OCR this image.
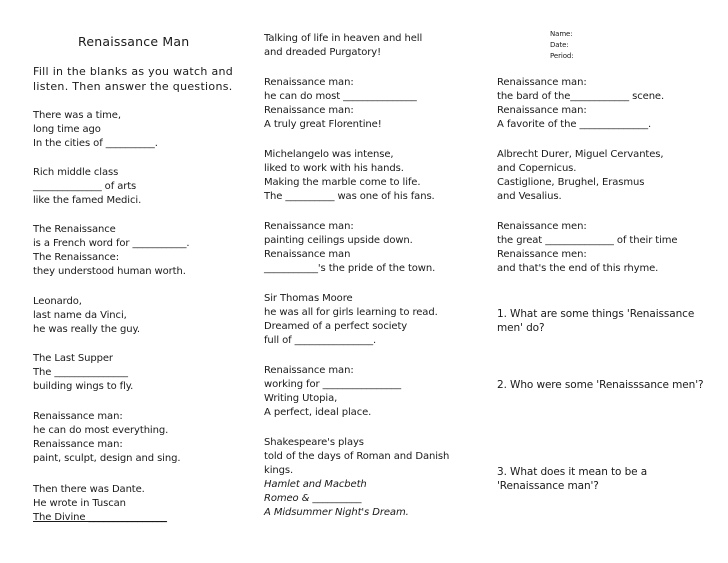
Renaissance Man
Fill in the blanks as you watch and
listen. Then answer the questions.
There was a time,
long time ago
In the cities of __________.
Rich middle class
______________ of arts
like the famed Medici.
The Renaissance
is a French word for ___________.
The Renaissance:
they understood human worth.
Leonardo,
last name da Vinci,
he was really the guy.
The Last Supper
The _______________
building wings to fly.
Renaissance man:
he can do most everything.
Renaissance man:
paint, sculpt, design and sing.
Then there was Dante.
He wrote in Tuscan
The Divine ________________
Talking of life in heaven and hell
and dreaded Purgatory!
Renaissance man:
he can do most _______________
Renaissance man:
A truly great Florentine!
Michelangelo was intense,
liked to work with his hands.
Making the marble come to life.
The __________ was one of his fans.
Renaissance man:
painting ceilings upside down.
Renaissance man
___________'s the pride of the town.
Sir Thomas Moore
he was all for girls learning to read.
Dreamed of a perfect society
full of ________________.
Renaissance man:
working for ________________
Writing Utopia,
A perfect, ideal place.
Shakespeare's plays
told of the days of Roman and Danish
kings.
Hamlet and Macbeth
Romeo & __________
A Midsummer Night's Dream.
Name:
Date:
Period:
Renaissance man:
the bard of the____________ scene.
Renaissance man:
A favorite of the ______________.
Albrecht Durer, Miguel Cervantes,
and Copernicus.
Castiglione, Brughel, Erasmus
and Vesalius.
Renaissance men:
the great ______________ of their time
Renaissance men:
and that's the end of this rhyme.
1. What are some things 'Renaissance
men' do?
2. Who were some 'Renaisssance men'?
3. What does it mean to be a
'Renaissance man'?
